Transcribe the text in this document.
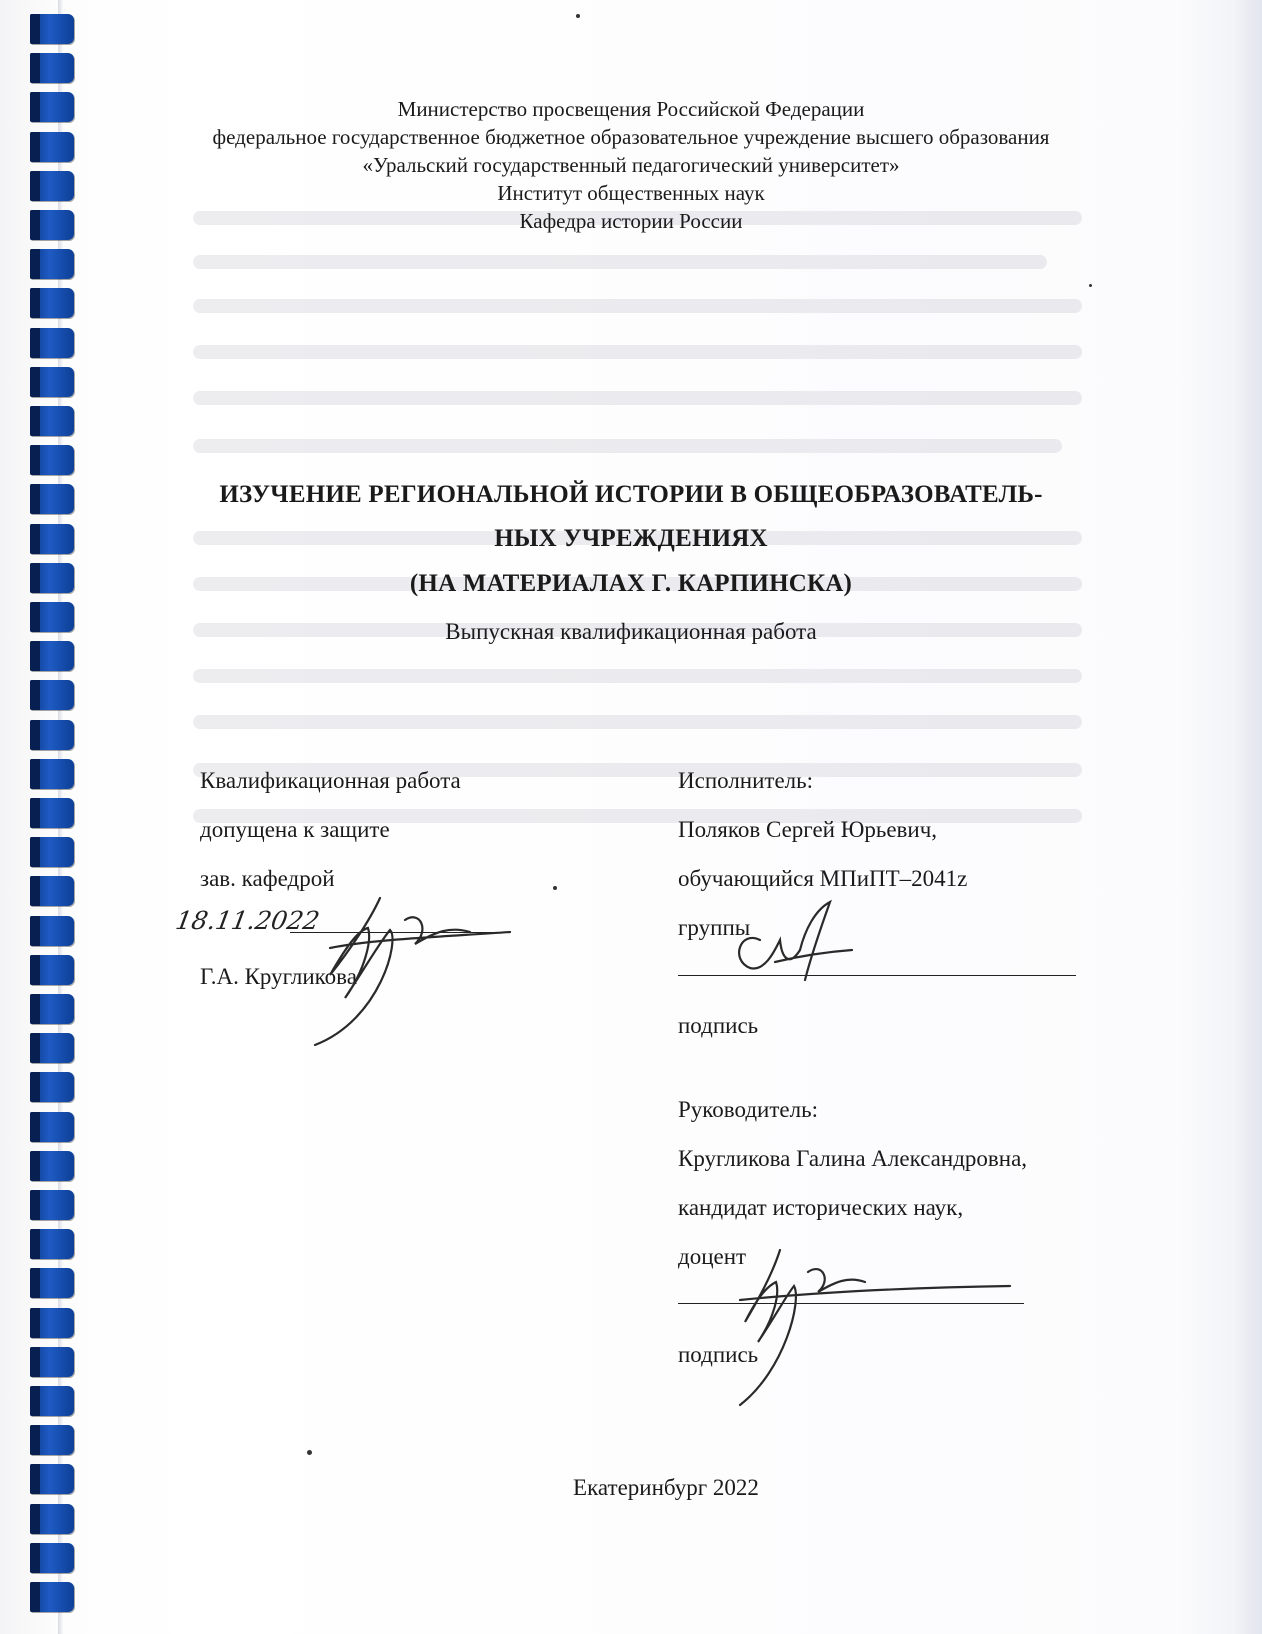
Министерство просвещения Российской Федерации
федеральное государственное бюджетное образовательное учреждение высшего образования
«Уральский государственный педагогический университет»
Институт общественных наук
Кафедра истории России
ИЗУЧЕНИЕ РЕГИОНАЛЬНОЙ ИСТОРИИ В ОБЩЕОБРАЗОВАТЕЛЬ-
НЫХ УЧРЕЖДЕНИЯХ
(НА МАТЕРИАЛАХ Г. КАРПИНСКА)
Выпускная квалификационная работа
Квалификационная работа
допущена к защите
зав. кафедрой
Г.А. Кругликова
18.11.2022
Исполнитель:
Поляков Сергей Юрьевич,
обучающийся МПиПТ–2041z
группы
подпись
Руководитель:
Кругликова Галина Александровна,
кандидат исторических наук,
доцент
подпись
Екатеринбург 2022
